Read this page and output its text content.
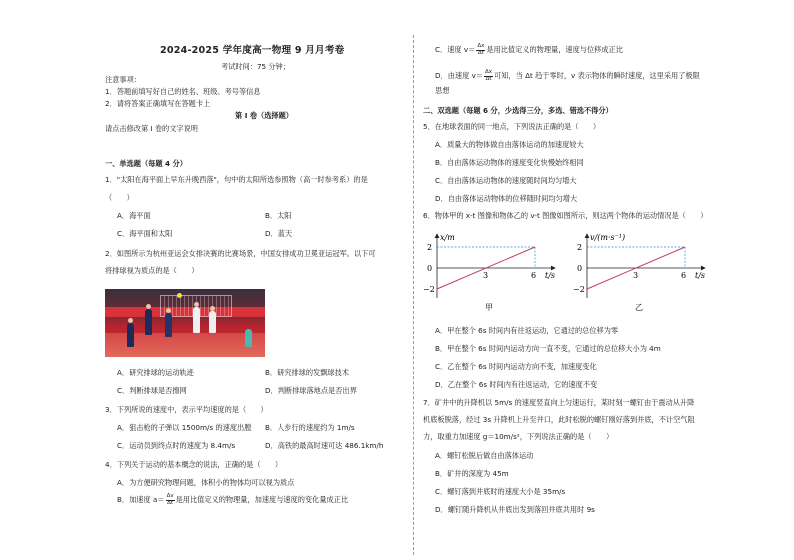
2024-2025 学年度高一物理 9 月月考卷
考试时间：75 分钟；
注意事项：
1．答题前填写好自己的姓名、班级、考号等信息
2．请将答案正确填写在答题卡上
第 I 卷（选择题）
请点击修改第 I 卷的文字说明
一、单选题（每题 4 分）
1．"太阳在海平面上早东升晚西落"，句中的太阳所选参照物（高一时参考系）的是
（　　）
A．海平面	B．太阳
C．海平面和太阳	D．蓝天
2．如图所示为杭州亚运会女排决赛的比赛场景，中国女排成功卫冕亚运冠军。以下可
将排球视为质点的是（　　）
A．研究排球的运动轨迹	B．研究排球的发飘球技术
C．判断排球是否擦网	D．判断排球落地点是否出界
3．下列所说的速度中，表示平均速度的是（　　）
A．狙击枪的子弹以 1500m/s 的速度出膛 B．人步行的速度约为 1m/s
C．运动员到终点时的速度为 8.4m/s	D．高铁的最高时速可达 486.1km/h
4．下列关于运动的基本概念的说法，正确的是（　　）
A．为方便研究物理问题，体积小的物体均可以视为质点
B．加速度 $a= \frac{\Delta v}{\Delta t}$ 是用比值定义的物理量，加速度与速度的变化量成正比
C．速度 $v= \frac{\Delta x}{\Delta t}$ 是用比值定义的物理量，速度与位移成正比
D．由速度 $v= \frac{\Delta x}{\Delta t}$ 可知，当 Δt 趋于零时，v 表示物体的瞬时速度，这里采用了极限
思想
二、双选题（每题 6 分，少选得三分，多选、错选不得分）
5．在地球表面的同一地点，下列说法正确的是（　　）
A．质量大的物体做自由落体运动的加速度较大
B．自由落体运动物体的速度变化快慢始终相同
C．自由落体运动物体的速度随时间均匀增大
D．自由落体运动物体的位移随时间均匀增大
6．物体甲的 x-t 图像和物体乙的 v-t 图像如图所示，则这两个物体的运动情况是（　　）
x/m
2
0
−2
3	6 t/s
甲
v/(m·s⁻¹)
2
0
−2
3	6 t/s
乙
A．甲在整个 6s 时间内有往返运动，它通过的总位移为零
B．甲在整个 6s 时间内运动方向一直不变，它通过的总位移大小为 4m
C．乙在整个 6s 时间内运动方向不变，加速度变化
D．乙在整个 6s 时间内有往返运动，它的速度不变
7．矿井中的升降机以 5m/s 的速度竖直向上匀速运行，某时刻一螺钉由于震动从升降
机底板脱落，经过 3s 升降机上升至井口，此时松脱的螺钉刚好落到井底，不计空气阻
力，取重力加速度 g＝10m/s²，下列说法正确的是（　　）
A．螺钉松脱后做自由落体运动
B．矿井的深度为 45m
C．螺钉落到井底时的速度大小是 35m/s
D．螺钉随升降机从井底出发到落回井底共用时 9s
